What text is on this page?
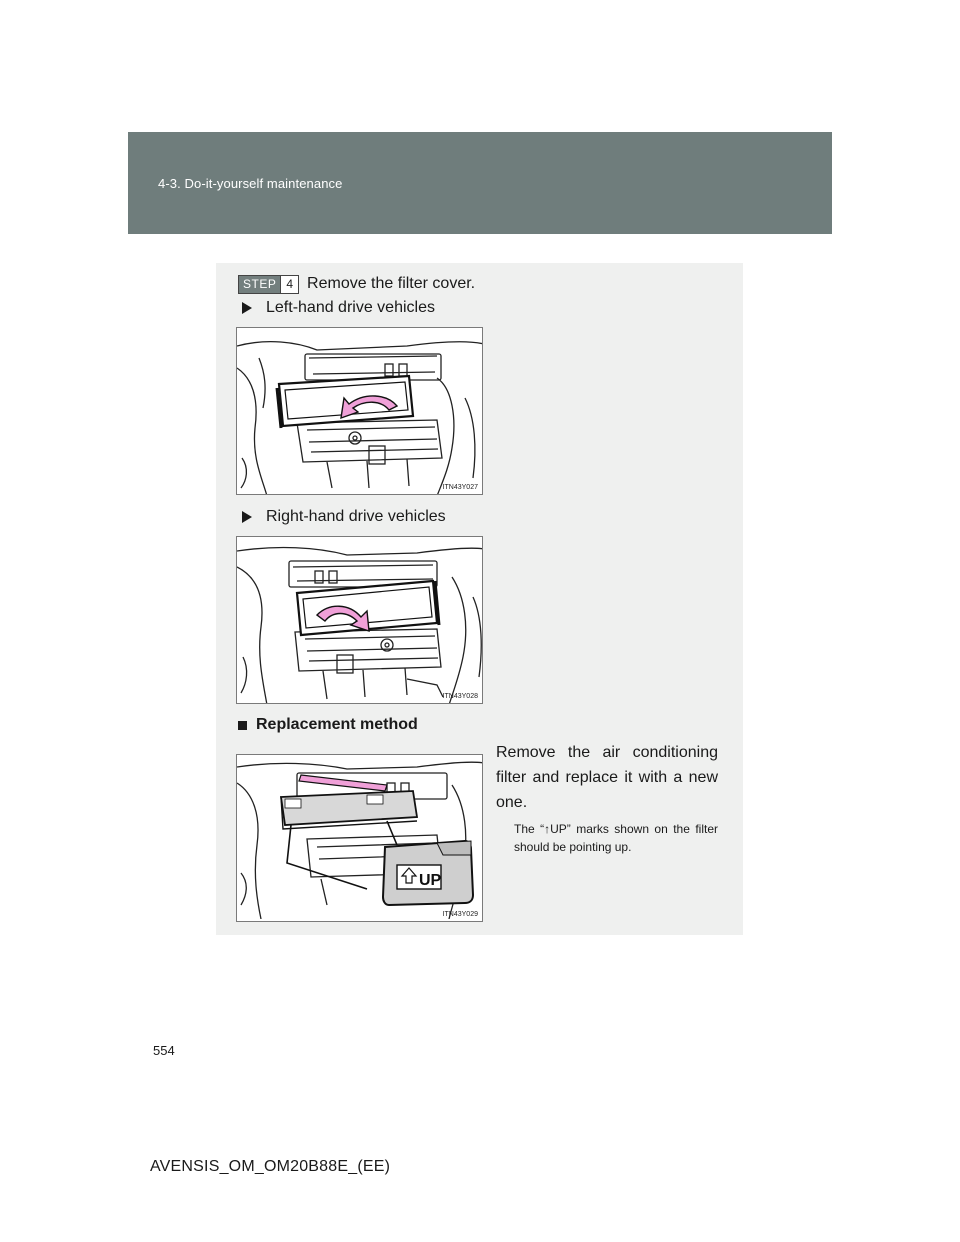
4-3. Do-it-yourself maintenance
STEP 4 Remove the filter cover.
Left-hand drive vehicles
ITN43Y027
Right-hand drive vehicles
ITN43Y028
Replacement method
UP
ITN43Y029
Remove the air conditioning filter and replace it with a new one.
The “↑UP” marks shown on the filter should be pointing up.
554
AVENSIS_OM_OM20B88E_(EE)
